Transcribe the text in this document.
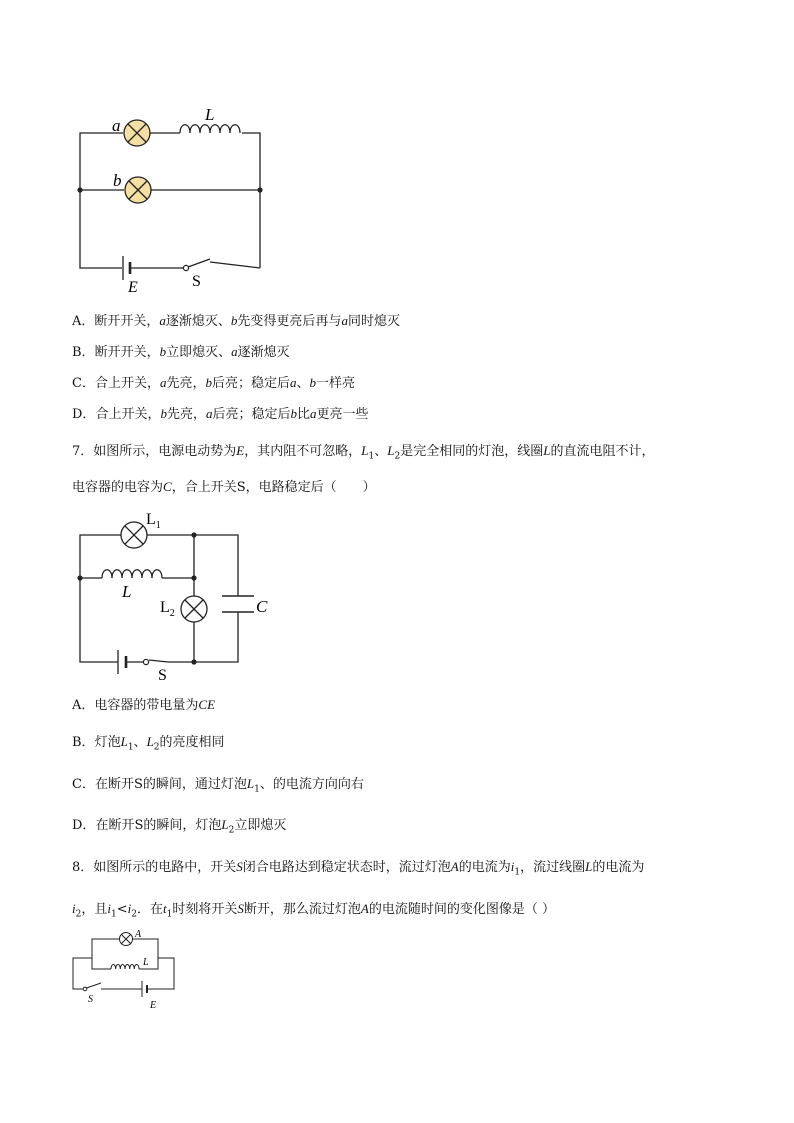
a
b
L
E	S
A．断开开关，a逐渐熄灭、b先变得更亮后再与a同时熄灭
B．断开开关，b立即熄灭、a逐渐熄灭
C．合上开关，a先亮，b后亮；稳定后a、b一样亮
D．合上开关，b先亮，a后亮；稳定后b比a更亮一些
7．如图所示，电源电动势为E，其内阻不可忽略，$L_1$、$L_2$是完全相同的灯泡，线圈L的直流电阻不计，
电容器的电容为C，合上开关S，电路稳定后（　　）
$L_1$
L
$L_2$	C
S
A．电容器的带电量为CE
B．灯泡$L_1$、$L_2$的亮度相同
C．在断开S的瞬间，通过灯泡$L_1$、的电流方向向右
D．在断开S的瞬间，灯泡$L_2$立即熄灭
8．如图所示的电路中，开关S闭合电路达到稳定状态时，流过灯泡A的电流为$i_1$，流过线圈L的电流为
$i_2$，且$i_1<i_2$．在$t_1$时刻将开关S断开，那么流过灯泡A的电流随时间的变化图像是（ ）
A
L
S
E
